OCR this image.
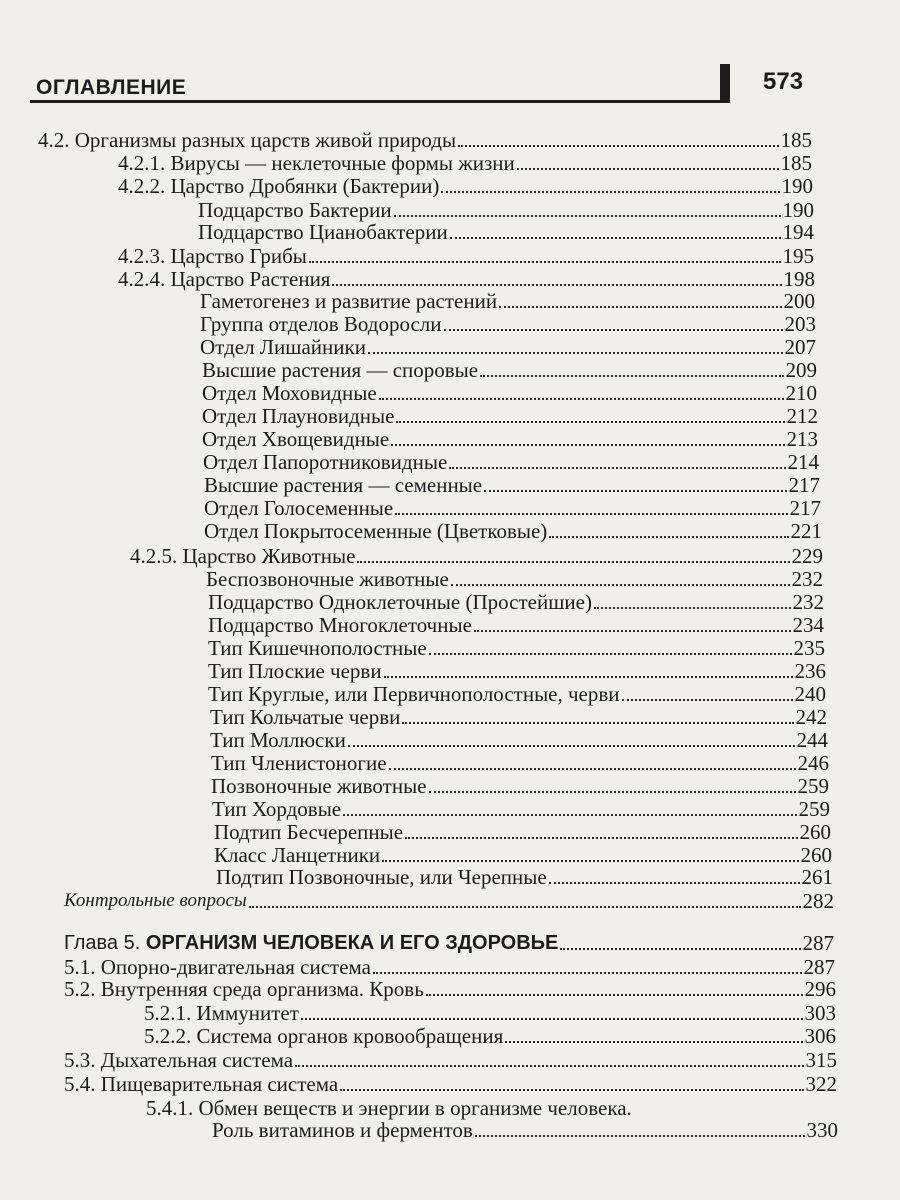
ОГЛАВЛЕНИЕ	573
4.2. Организмы разных царств живой природы	185
4.2.1. Вирусы — неклеточные формы жизни	185
4.2.2. Царство Дробянки (Бактерии)	190
Подцарство Бактерии	190
Подцарство Цианобактерии	194
4.2.3. Царство Грибы	195
4.2.4. Царство Растения	198
Гаметогенез и развитие растений	200
Группа отделов Водоросли	203
Отдел Лишайники	207
Высшие растения — споровые	209
Отдел Моховидные	210
Отдел Плауновидные	212
Отдел Хвощевидные	213
Отдел Папоротниковидные	214
Высшие растения — семенные	217
Отдел Голосеменные	217
Отдел Покрытосеменные (Цветковые)	221
4.2.5. Царство Животные	229
Беспозвоночные животные	232
Подцарство Одноклеточные (Простейшие)	232
Подцарство Многоклеточные	234
Тип Кишечнополостные	235
Тип Плоские черви	236
Тип Круглые, или Первичнополостные, черви	240
Тип Кольчатые черви	242
Тип Моллюски	244
Тип Членистоногие	246
Позвоночные животные	259
Тип Хордовые	259
Подтип Бесчерепные	260
Класс Ланцетники	260
Подтип Позвоночные, или Черепные	261
Контрольные вопросы	282
Глава 5. ОРГАНИЗМ ЧЕЛОВЕКА И ЕГО ЗДОРОВЬЕ	287
5.1. Опорно-двигательная система	287
5.2. Внутренняя среда организма. Кровь	296
5.2.1. Иммунитет	303
5.2.2. Система органов кровообращения	306
5.3. Дыхательная система	315
5.4. Пищеварительная система	322
5.4.1. Обмен веществ и энергии в организме человека.
Роль витаминов и ферментов	330
